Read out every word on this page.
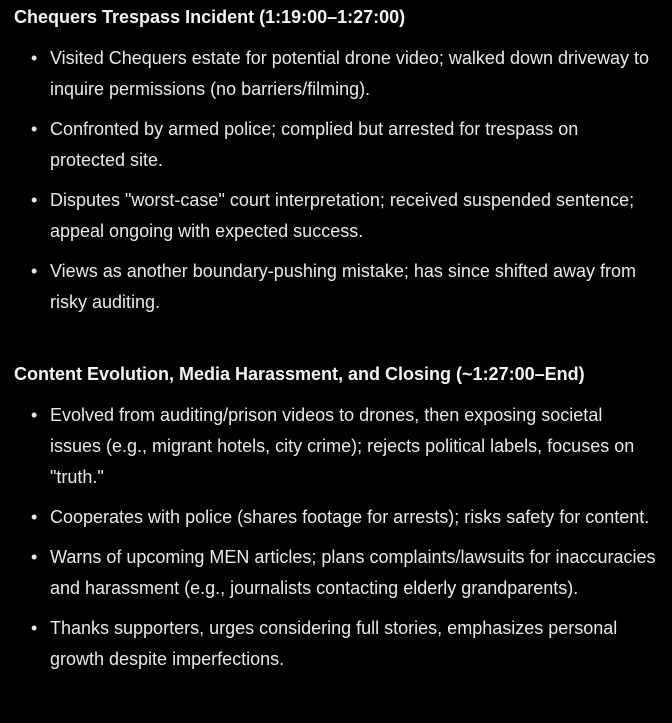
Chequers Trespass Incident (1:19:00–1:27:00)
• Visited Chequers estate for potential drone video; walked down driveway to inquire permissions (no barriers/filming).
• Confronted by armed police; complied but arrested for trespass on protected site.
• Disputes "worst-case" court interpretation; received suspended sentence; appeal ongoing with expected success.
• Views as another boundary-pushing mistake; has since shifted away from risky auditing.
Content Evolution, Media Harassment, and Closing (~1:27:00–End)
• Evolved from auditing/prison videos to drones, then exposing societal issues (e.g., migrant hotels, city crime); rejects political labels, focuses on "truth."
• Cooperates with police (shares footage for arrests); risks safety for content.
• Warns of upcoming MEN articles; plans complaints/lawsuits for inaccuracies and harassment (e.g., journalists contacting elderly grandparents).
• Thanks supporters, urges considering full stories, emphasizes personal growth despite imperfections.
